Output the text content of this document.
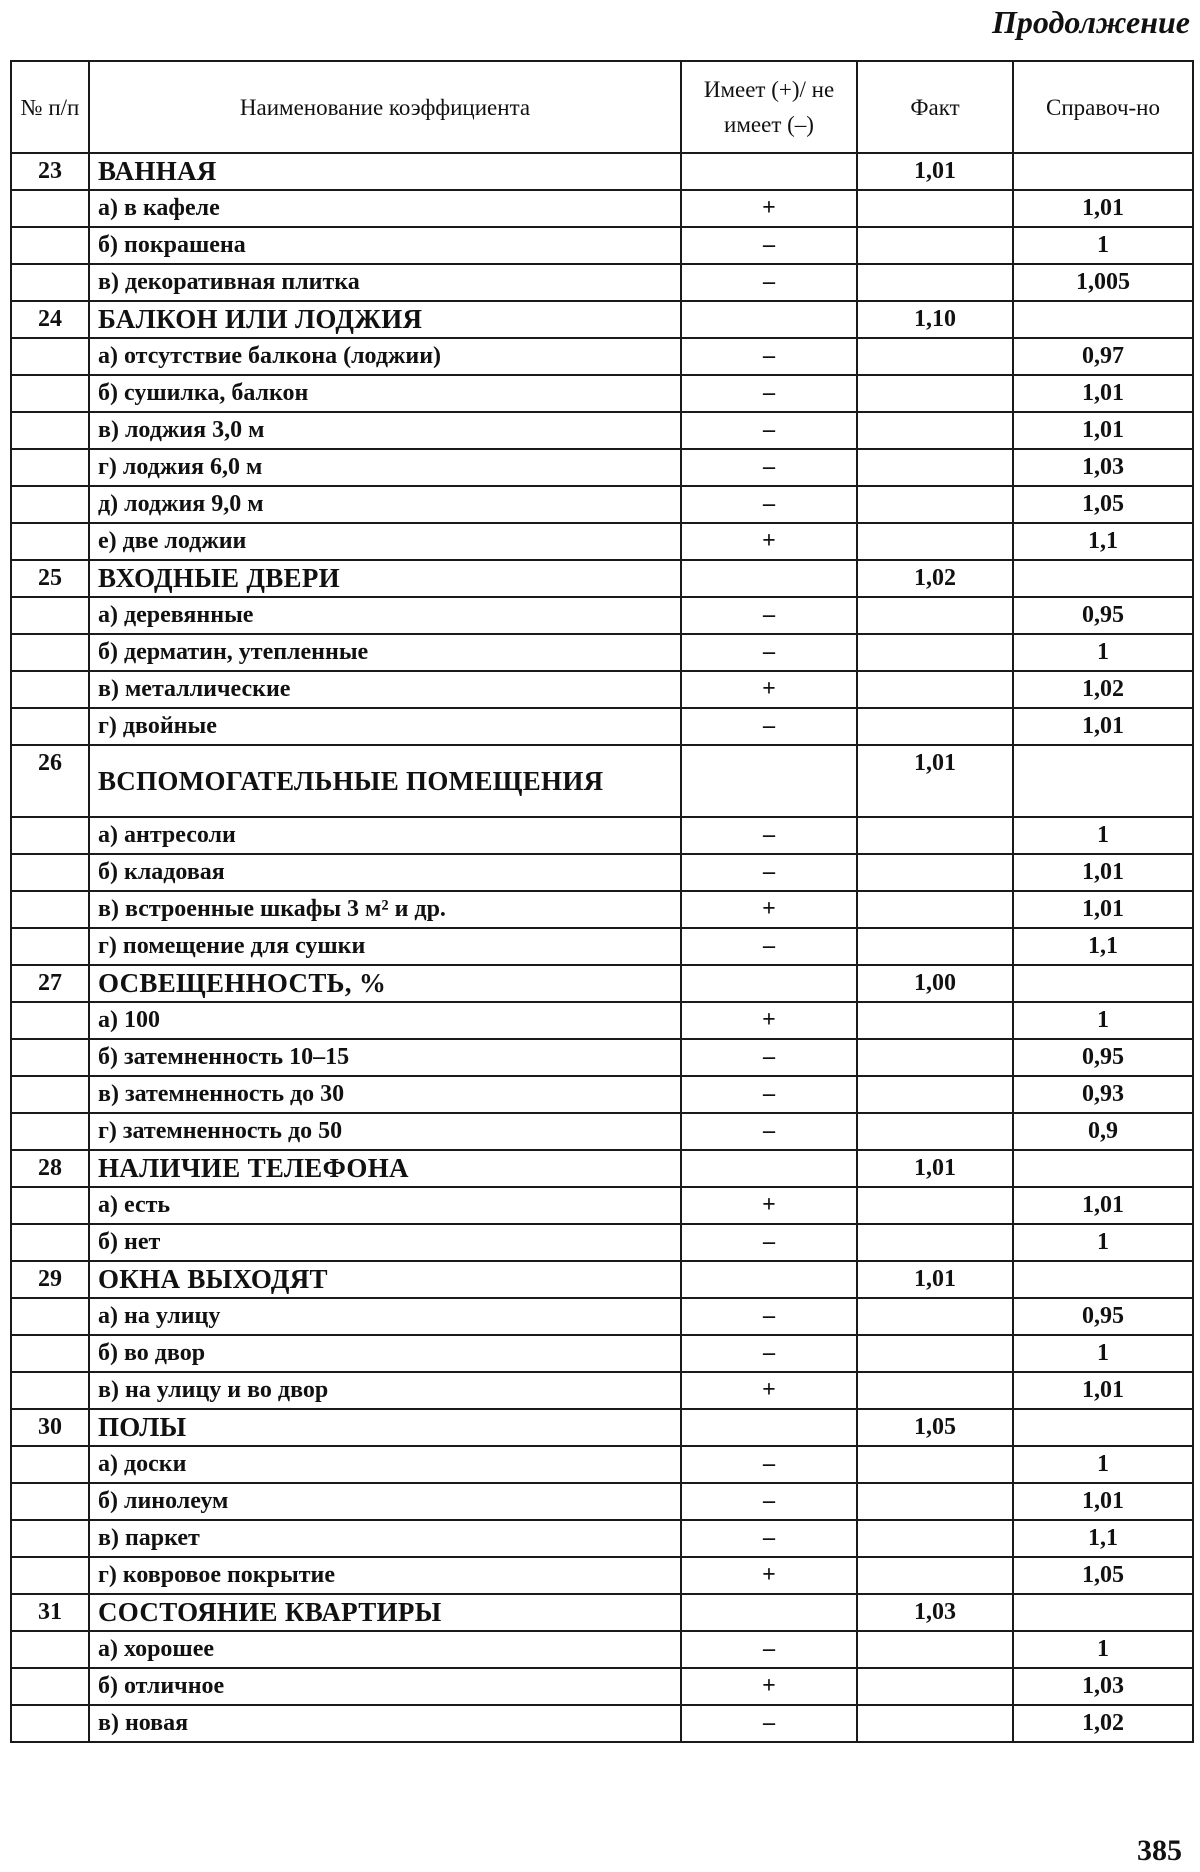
Продолжение
№ п/п	Наименование коэффициента	Имеет (+)/ не имеет (–)	Факт	Справоч-но
23	ВАННАЯ		1,01	
	а) в кафеле	+		1,01
	б) покрашена	–		1
	в) декоративная плитка	–		1,005
24	БАЛКОН ИЛИ ЛОДЖИЯ		1,10	
	а) отсутствие балкона (лоджии)	–		0,97
	б) сушилка, балкон	–		1,01
	в) лоджия 3,0 м	–		1,01
	г) лоджия 6,0 м	–		1,03
	д) лоджия 9,0 м	–		1,05
	е) две лоджии	+		1,1
25	ВХОДНЫЕ ДВЕРИ		1,02	
	а) деревянные	–		0,95
	б) дерматин, утепленные	–		1
	в) металлические	+		1,02
	г) двойные	–		1,01
26	ВСПОМОГАТЕЛЬНЫЕ ПОМЕЩЕНИЯ		1,01	
	а) антресоли	–		1
	б) кладовая	–		1,01
	в) встроенные шкафы 3 м² и др.	+		1,01
	г) помещение для сушки	–		1,1
27	ОСВЕЩЕННОСТЬ, %		1,00	
	а) 100	+		1
	б) затемненность 10–15	–		0,95
	в) затемненность до 30	–		0,93
	г) затемненность до 50	–		0,9
28	НАЛИЧИЕ ТЕЛЕФОНА		1,01	
	а) есть	+		1,01
	б) нет	–		1
29	ОКНА ВЫХОДЯТ		1,01	
	а) на улицу	–		0,95
	б) во двор	–		1
	в) на улицу и во двор	+		1,01
30	ПОЛЫ		1,05	
	а) доски	–		1
	б) линолеум	–		1,01
	в) паркет	–		1,1
	г) ковровое покрытие	+		1,05
31	СОСТОЯНИЕ КВАРТИРЫ		1,03	
	а) хорошее	–		1
	б) отличное	+		1,03
	в) новая	–		1,02
385
